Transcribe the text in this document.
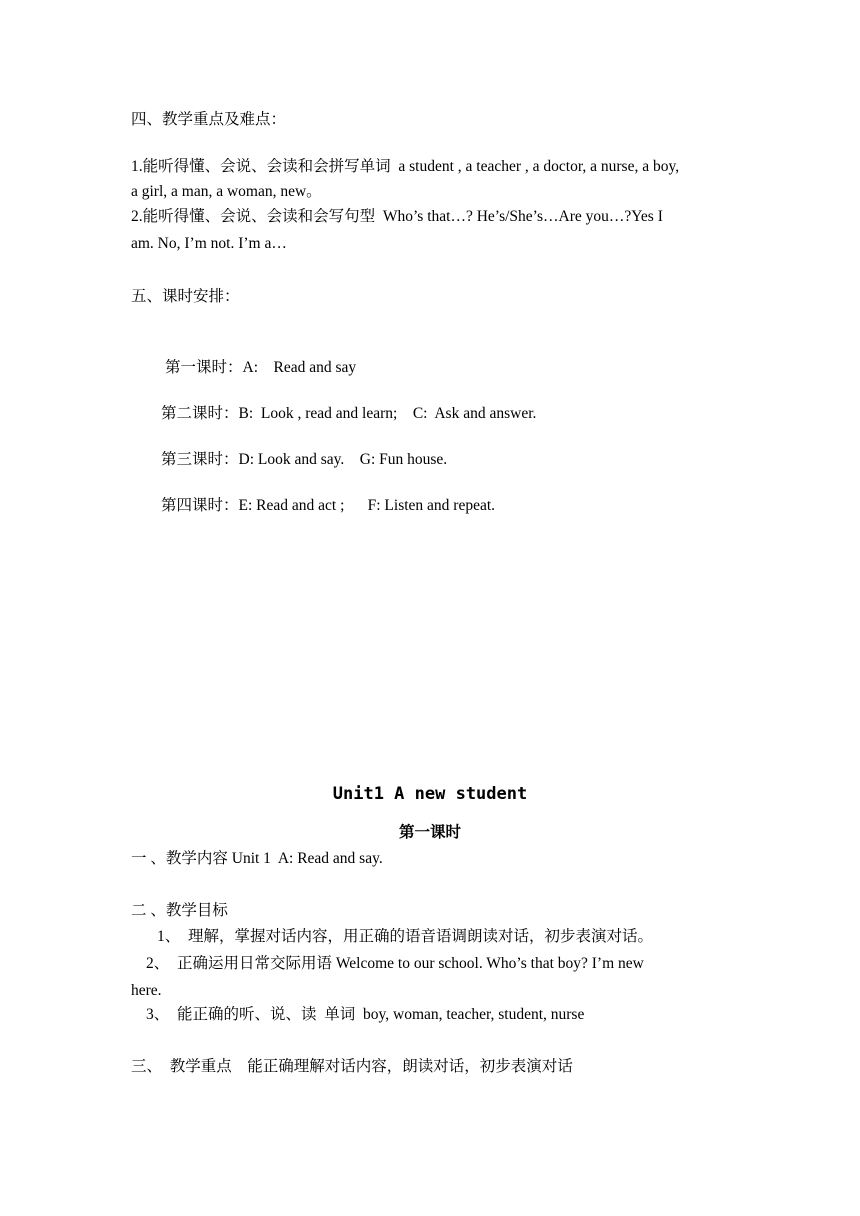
四、教学重点及难点：
1.能听得懂、会说、会读和会拼写单词  a student , a teacher , a doctor, a nurse, a boy,
a girl, a man, a woman, new。
2.能听得懂、会说、会读和会写句型  Who’s that…? He’s/She’s…Are you…?Yes I
am. No, I’m not. I’m a…
五、课时安排：
第一课时：A:    Read and say
第二课时：B:  Look , read and learn;    C:  Ask and answer.
第三课时：D: Look and say.    G: Fun house.
第四课时：E: Read and act ;      F: Listen and repeat.
Unit1 A new student
第一课时
一 、教学内容 Unit 1  A: Read and say.
二 、教学目标
1、  理解，掌握对话内容，用正确的语音语调朗读对话，初步表演对话。
2、  正确运用日常交际用语 Welcome to our school. Who’s that boy? I’m new
here.
3、  能正确的听、说、读  单词  boy, woman, teacher, student, nurse
三、  教学重点    能正确理解对话内容，朗读对话，初步表演对话
